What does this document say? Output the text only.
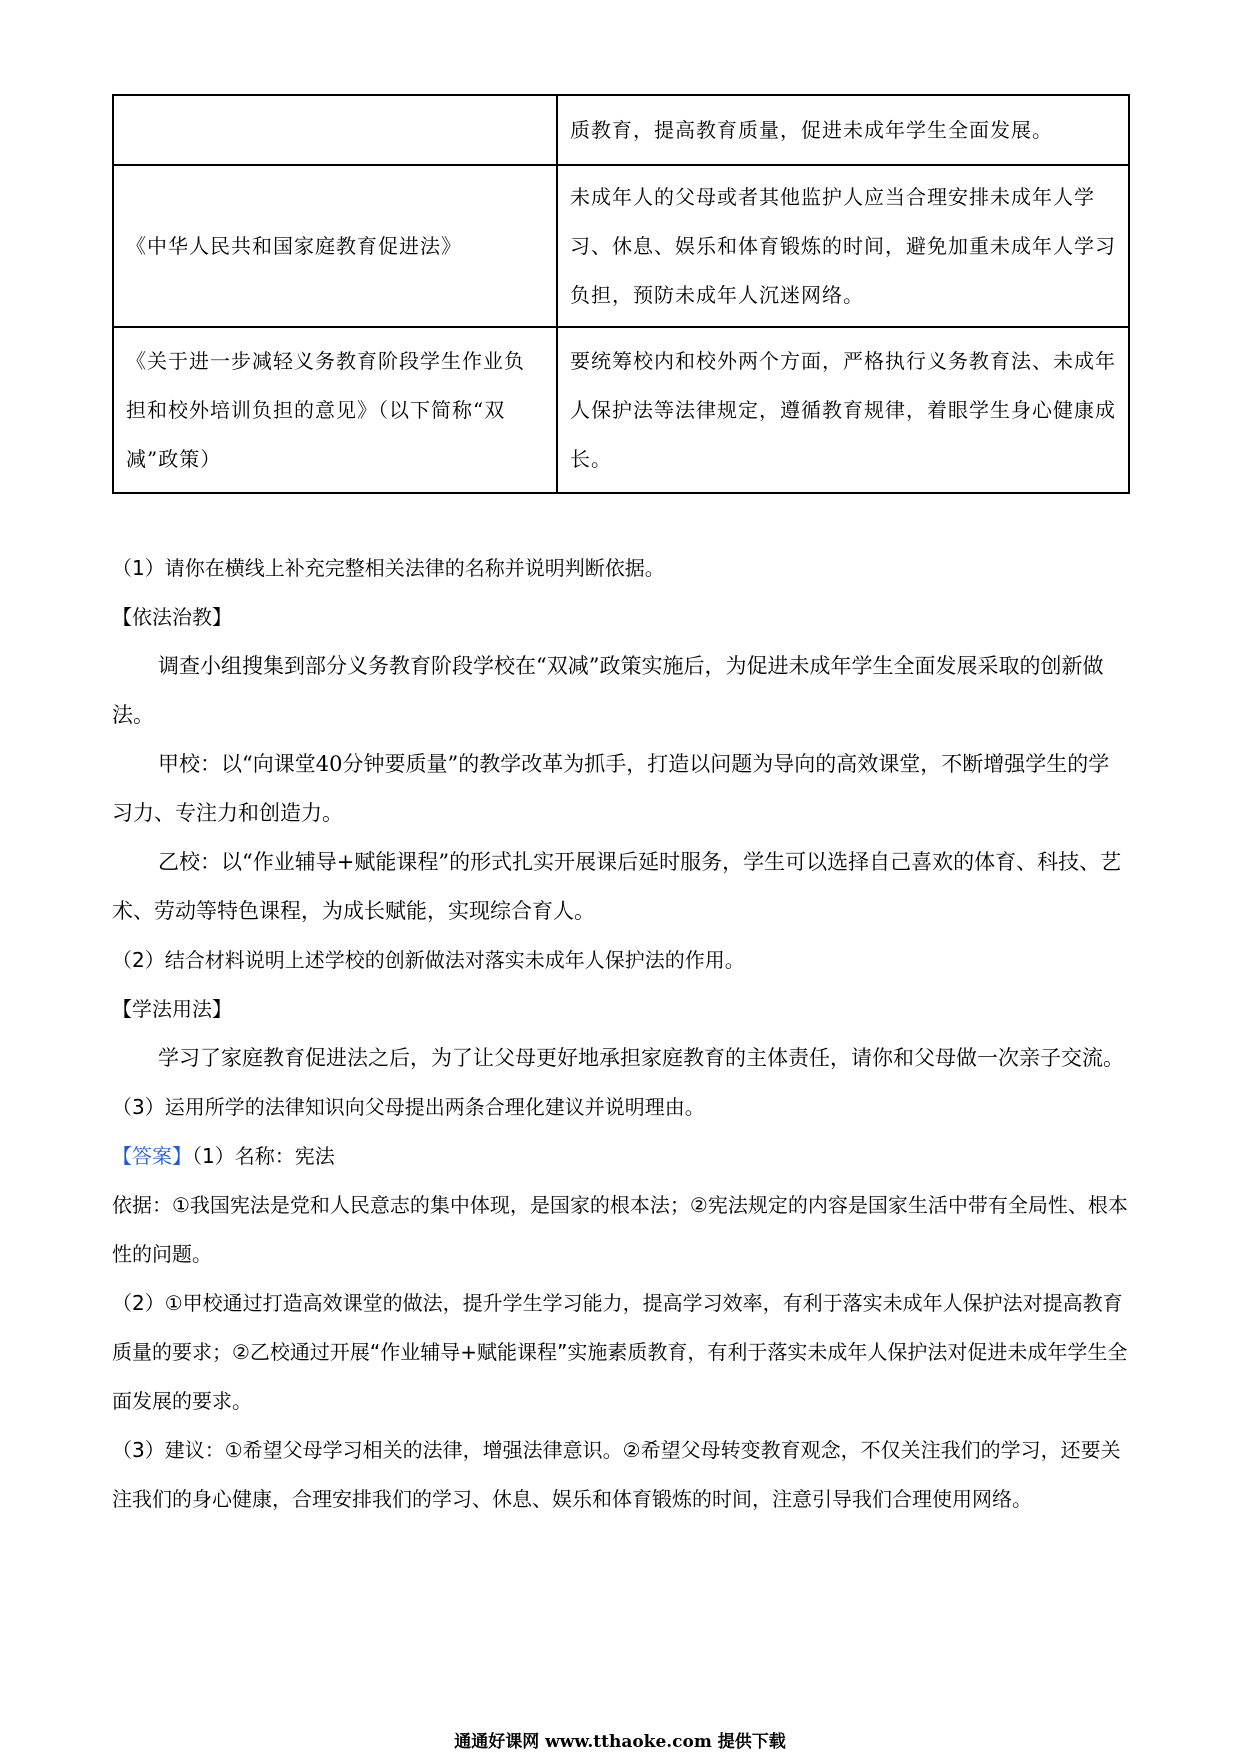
	质教育，提高教育质量，促进未成年学生全面发展。
《中华人民共和国家庭教育促进法》	未成年人的父母或者其他监护人应当合理安排未成年人学习、休息、娱乐和体育锻炼的时间，避免加重未成年人学习负担，预防未成年人沉迷网络。
《关于进一步减轻义务教育阶段学生作业负担和校外培训负担的意见》（以下简称“双减”政策）	要统筹校内和校外两个方面，严格执行义务教育法、未成年人保护法等法律规定，遵循教育规律，着眼学生身心健康成长。

（1）请你在横线上补充完整相关法律的名称并说明判断依据。

【依法治教】

调查小组搜集到部分义务教育阶段学校在“双减”政策实施后，为促进未成年学生全面发展采取的创新做法。

甲校：以“向课堂40分钟要质量”的教学改革为抓手，打造以问题为导向的高效课堂，不断增强学生的学习力、专注力和创造力。

乙校：以“作业辅导+赋能课程”的形式扎实开展课后延时服务，学生可以选择自己喜欢的体育、科技、艺术、劳动等特色课程，为成长赋能，实现综合育人。

（2）结合材料说明上述学校的创新做法对落实未成年人保护法的作用。

【学法用法】

学习了家庭教育促进法之后，为了让父母更好地承担家庭教育的主体责任，请你和父母做一次亲子交流。

（3）运用所学的法律知识向父母提出两条合理化建议并说明理由。

【答案】（1）名称：宪法

依据：①我国宪法是党和人民意志的集中体现，是国家的根本法；②宪法规定的内容是国家生活中带有全局性、根本性的问题。

（2）①甲校通过打造高效课堂的做法，提升学生学习能力，提高学习效率，有利于落实未成年人保护法对提高教育质量的要求；②乙校通过开展“作业辅导+赋能课程”实施素质教育，有利于落实未成年人保护法对促进未成年学生全面发展的要求。

（3）建议：①希望父母学习相关的法律，增强法律意识。②希望父母转变教育观念，不仅关注我们的学习，还要关注我们的身心健康，合理安排我们的学习、休息、娱乐和体育锻炼的时间，注意引导我们合理使用网络。

通通好课网 www.tthaoke.com 提供下载
